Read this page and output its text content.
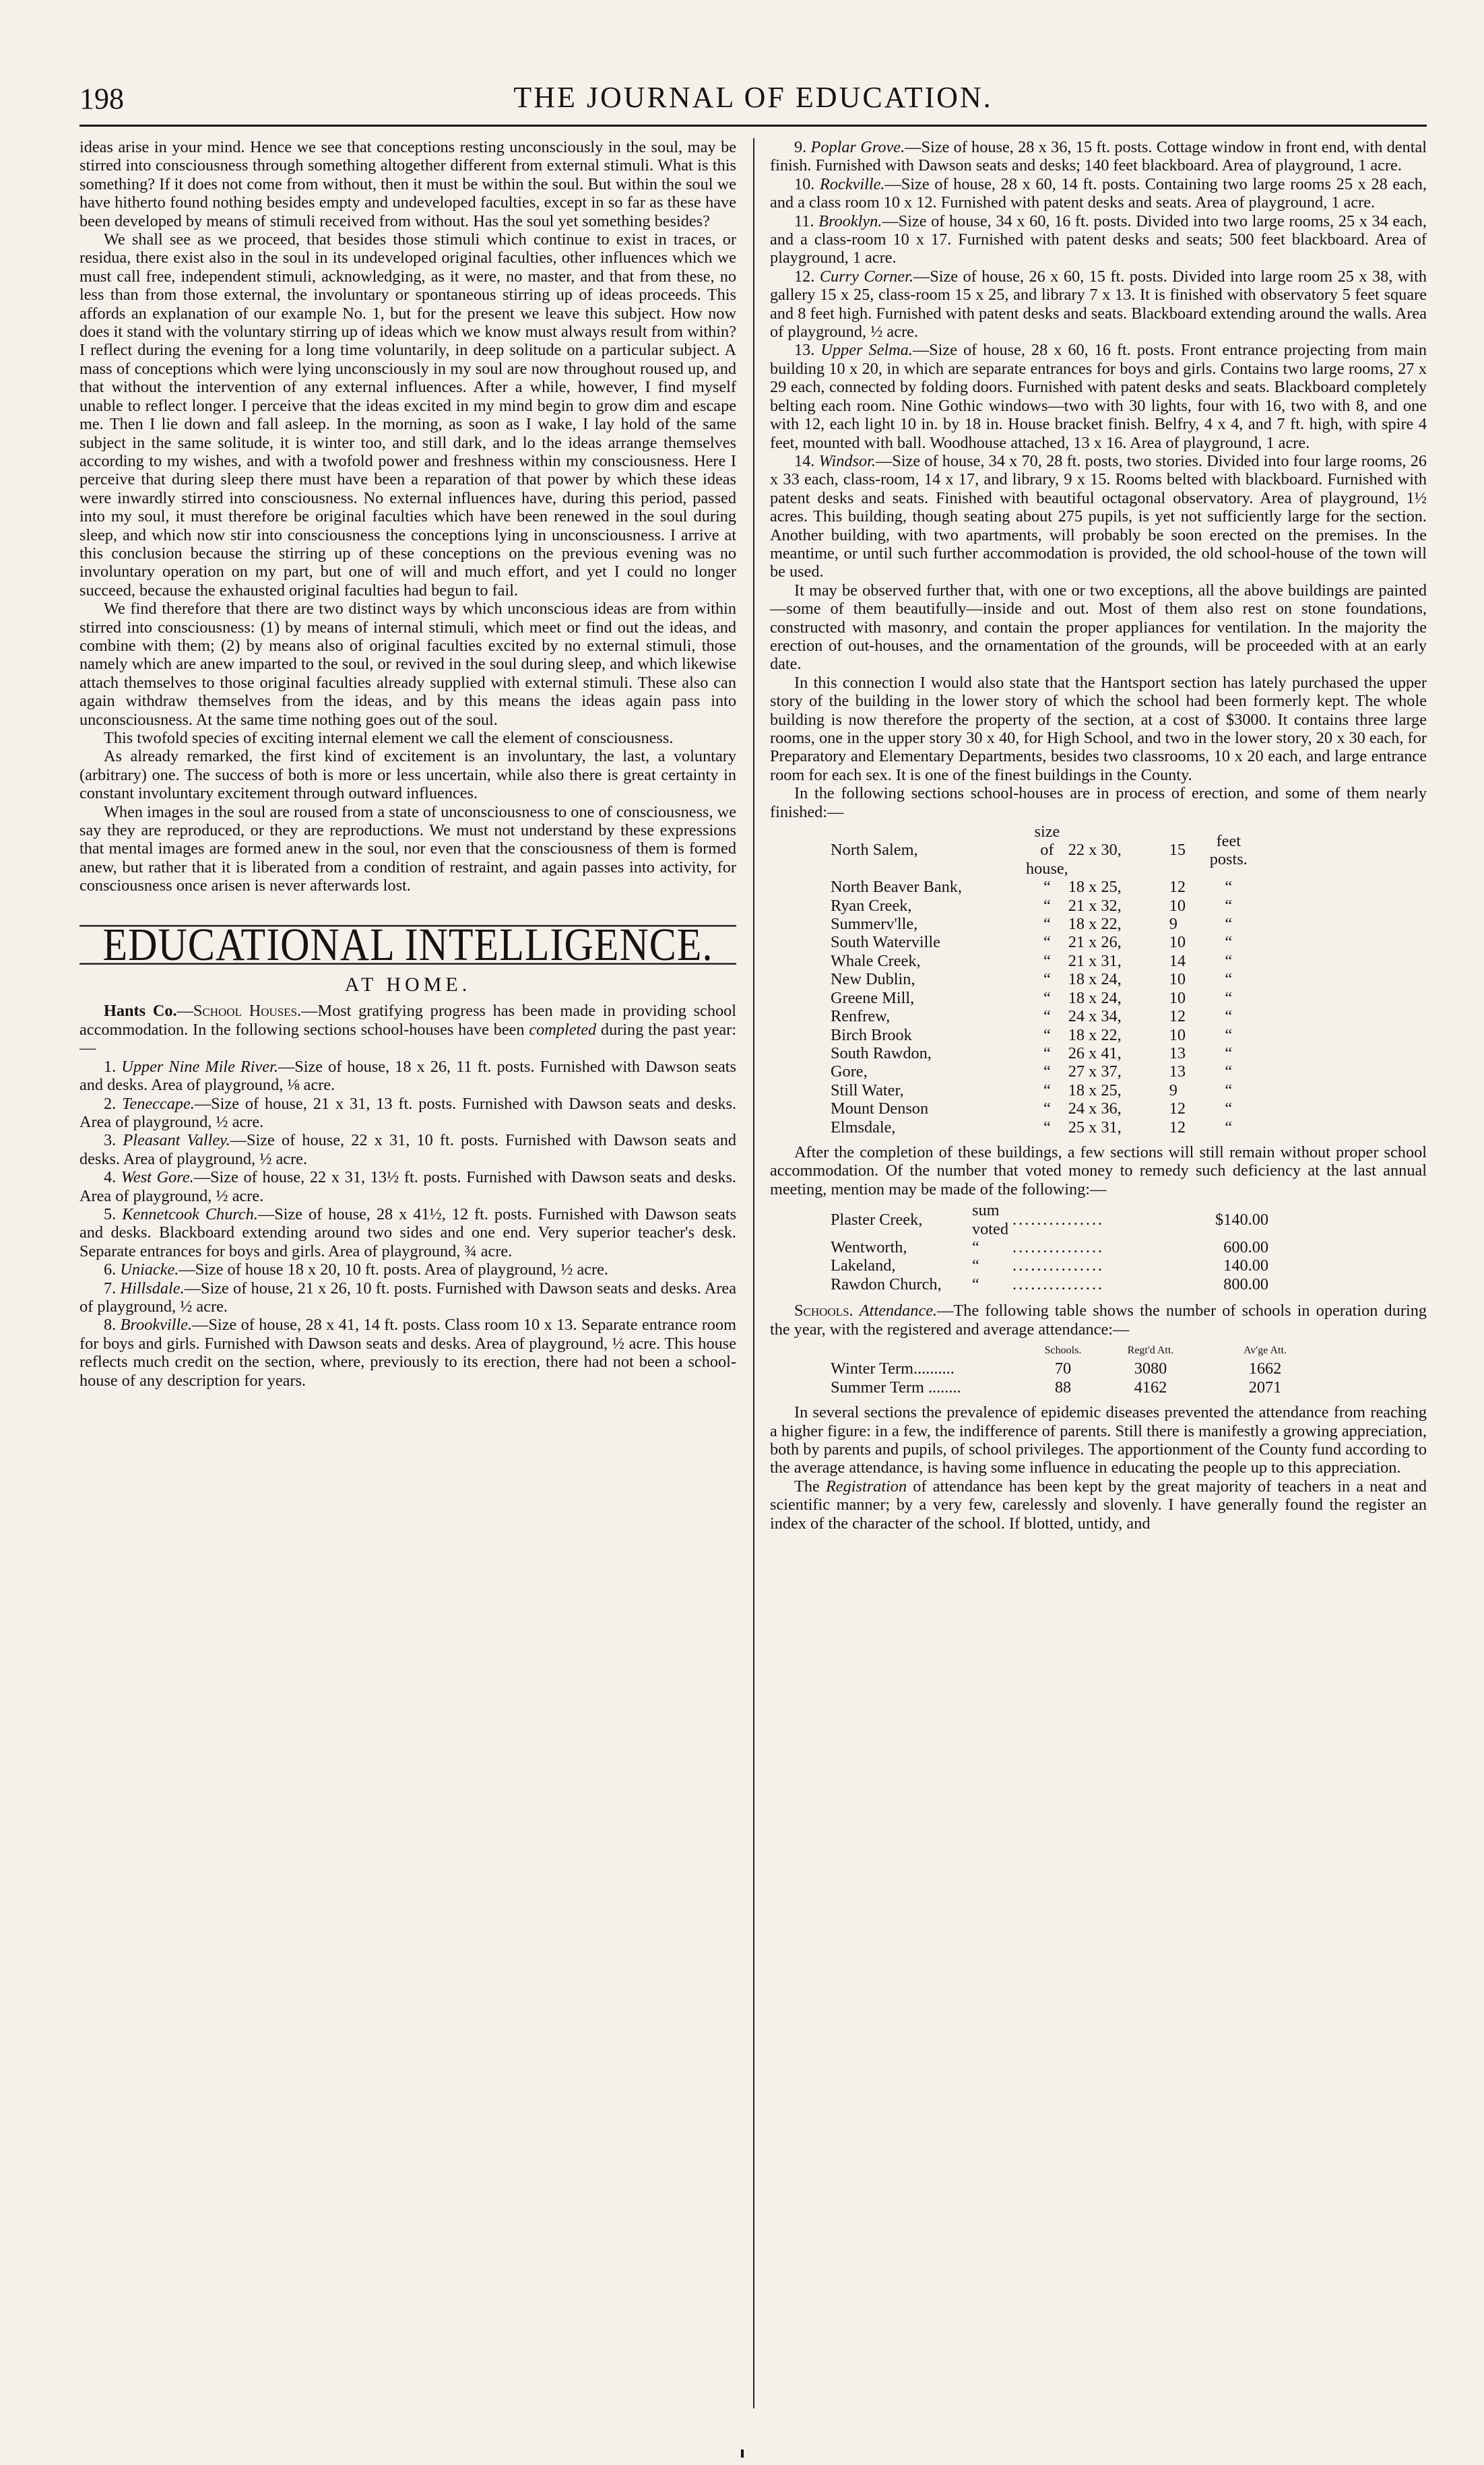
198	THE JOURNAL OF EDUCATION.

ideas arise in your mind. Hence we see that conceptions resting unconsciously in the soul, may be stirred into consciousness through something altogether different from external stimuli. What is this something? If it does not come from without, then it must be within the soul. But within the soul we have hitherto found nothing besides empty and undeveloped faculties, except in so far as these have been developed by means of stimuli received from without. Has the soul yet something besides?

We shall see as we proceed, that besides those stimuli which continue to exist in traces, or residua, there exist also in the soul in its undeveloped original faculties, other influences which we must call free, independent stimuli, acknowledging, as it were, no master, and that from these, no less than from those external, the involuntary or spontaneous stirring up of ideas proceeds. This affords an explanation of our example No. 1, but for the present we leave this subject. How now does it stand with the voluntary stirring up of ideas which we know must always result from within? I reflect during the evening for a long time voluntarily, in deep solitude on a particular subject. A mass of conceptions which were lying unconsciously in my soul are now throughout roused up, and that without the intervention of any external influences. After a while, however, I find myself unable to reflect longer. I perceive that the ideas excited in my mind begin to grow dim and escape me. Then I lie down and fall asleep. In the morning, as soon as I wake, I lay hold of the same subject in the same solitude, it is winter too, and still dark, and lo the ideas arrange themselves according to my wishes, and with a twofold power and freshness within my consciousness. Here I perceive that during sleep there must have been a reparation of that power by which these ideas were inwardly stirred into consciousness. No external influences have, during this period, passed into my soul, it must therefore be original faculties which have been renewed in the soul during sleep, and which now stir into consciousness the conceptions lying in unconsciousness. I arrive at this conclusion because the stirring up of these conceptions on the previous evening was no involuntary operation on my part, but one of will and much effort, and yet I could no longer succeed, because the exhausted original faculties had begun to fail.

We find therefore that there are two distinct ways by which unconscious ideas are from within stirred into consciousness: (1) by means of internal stimuli, which meet or find out the ideas, and combine with them; (2) by means also of original faculties excited by no external stimuli, those namely which are anew imparted to the soul, or revived in the soul during sleep, and which likewise attach themselves to those original faculties already supplied with external stimuli. These also can again withdraw themselves from the ideas, and by this means the ideas again pass into unconsciousness. At the same time nothing goes out of the soul.

This twofold species of exciting internal element we call the element of consciousness.

As already remarked, the first kind of excitement is an involuntary, the last, a voluntary (arbitrary) one. The success of both is more or less uncertain, while also there is great certainty in constant involuntary excitement through outward influences.

When images in the soul are roused from a state of unconsciousness to one of consciousness, we say they are reproduced, or they are reproductions. We must not understand by these expressions that mental images are formed anew in the soul, nor even that the consciousness of them is formed anew, but rather that it is liberated from a condition of restraint, and again passes into activity, for consciousness once arisen is never afterwards lost.

EDUCATIONAL INTELLIGENCE.
AT HOME.

Hants Co.—School Houses.—Most gratifying progress has been made in providing school accommodation. In the following sections school-houses have been completed during the past year:—

1. Upper Nine Mile River.—Size of house, 18 x 26, 11 ft. posts. Furnished with Dawson seats and desks. Area of playground, ⅛ acre.

2. Teneccape.—Size of house, 21 x 31, 13 ft. posts. Furnished with Dawson seats and desks. Area of playground, ½ acre.

3. Pleasant Valley.—Size of house, 22 x 31, 10 ft. posts. Furnished with Dawson seats and desks. Area of playground, ½ acre.

4. West Gore.—Size of house, 22 x 31, 13½ ft. posts. Furnished with Dawson seats and desks. Area of playground, ½ acre.

5. Kennetcook Church.—Size of house, 28 x 41½, 12 ft. posts. Furnished with Dawson seats and desks. Blackboard extending around two sides and one end. Very superior teacher's desk. Separate entrances for boys and girls. Area of playground, ¾ acre.

6. Uniacke.—Size of house 18 x 20, 10 ft. posts. Area of playground, ½ acre.

7. Hillsdale.—Size of house, 21 x 26, 10 ft. posts. Furnished with Dawson seats and desks. Area of playground, ½ acre.

8. Brookville.—Size of house, 28 x 41, 14 ft. posts. Class room 10 x 13. Separate entrance room for boys and girls. Furnished with Dawson seats and desks. Area of playground, ½ acre. This house reflects much credit on the section, where, previously to its erection, there had not been a school-house of any description for years.

9. Poplar Grove.—Size of house, 28 x 36, 15 ft. posts. Cottage window in front end, with dental finish. Furnished with Dawson seats and desks; 140 feet blackboard. Area of playground, 1 acre.

10. Rockville.—Size of house, 28 x 60, 14 ft. posts. Containing two large rooms 25 x 28 each, and a class room 10 x 12. Furnished with patent desks and seats. Area of playground, 1 acre.

11. Brooklyn.—Size of house, 34 x 60, 16 ft. posts. Divided into two large rooms, 25 x 34 each, and a class-room 10 x 17. Furnished with patent desks and seats; 500 feet blackboard. Area of playground, 1 acre.

12. Curry Corner.—Size of house, 26 x 60, 15 ft. posts. Divided into large room 25 x 38, with gallery 15 x 25, class-room 15 x 25, and library 7 x 13. It is finished with observatory 5 feet square and 8 feet high. Furnished with patent desks and seats. Blackboard extending around the walls. Area of playground, ½ acre.

13. Upper Selma.—Size of house, 28 x 60, 16 ft. posts. Front entrance projecting from main building 10 x 20, in which are separate entrances for boys and girls. Contains two large rooms, 27 x 29 each, connected by folding doors. Furnished with patent desks and seats. Blackboard completely belting each room. Nine Gothic windows—two with 30 lights, four with 16, two with 8, and one with 12, each light 10 in. by 18 in. House bracket finish. Belfry, 4 x 4, and 7 ft. high, with spire 4 feet, mounted with ball. Woodhouse attached, 13 x 16. Area of playground, 1 acre.

14. Windsor.—Size of house, 34 x 70, 28 ft. posts, two stories. Divided into four large rooms, 26 x 33 each, class-room, 14 x 17, and library, 9 x 15. Rooms belted with blackboard. Furnished with patent desks and seats. Finished with beautiful octagonal observatory. Area of playground, 1½ acres. This building, though seating about 275 pupils, is yet not sufficiently large for the section. Another building, with two apartments, will probably be soon erected on the premises. In the meantime, or until such further accommodation is provided, the old school-house of the town will be used.

It may be observed further that, with one or two exceptions, all the above buildings are painted—some of them beautifully—inside and out. Most of them also rest on stone foundations, constructed with masonry, and contain the proper appliances for ventilation. In the majority the erection of out-houses, and the ornamentation of the grounds, will be proceeded with at an early date.

In this connection I would also state that the Hantsport section has lately purchased the upper story of the building in the lower story of which the school had been formerly kept. The whole building is now therefore the property of the section, at a cost of $3000. It contains three large rooms, one in the upper story 30 x 40, for High School, and two in the lower story, 20 x 30 each, for Preparatory and Elementary Departments, besides two classrooms, 10 x 20 each, and large entrance room for each sex. It is one of the finest buildings in the County.

In the following sections school-houses are in process of erection, and some of them nearly finished:—

North Salem,	size of house,	22 x 30,	15	feet posts.
North Beaver Bank,	“	18 x 25,	12	“
Ryan Creek,	“	21 x 32,	10	“
Summerv'lle,	“	18 x 22,	9	“
South Waterville	“	21 x 26,	10	“
Whale Creek,	“	21 x 31,	14	“
New Dublin,	“	18 x 24,	10	“
Greene Mill,	“	18 x 24,	10	“
Renfrew,	“	24 x 34,	12	“
Birch Brook	“	18 x 22,	10	“
South Rawdon,	“	26 x 41,	13	“
Gore,	“	27 x 37,	13	“
Still Water,	“	18 x 25,	9	“
Mount Denson	“	24 x 36,	12	“
Elmsdale,	“	25 x 31,	12	“

After the completion of these buildings, a few sections will still remain without proper school accommodation. Of the number that voted money to remedy such deficiency at the last annual meeting, mention may be made of the following:—

Plaster Creek,	sum voted	...............	$140.00
Wentworth,	“	...............	600.00
Lakeland,	“	...............	140.00
Rawdon Church,	“	...............	800.00

Schools. Attendance.—The following table shows the number of schools in operation during the year, with the registered and average attendance:—

	Schools.	Regt'd Att.	Av'ge Att.
Winter Term..........	70	3080	1662
Summer Term ........	88	4162	2071

In several sections the prevalence of epidemic diseases prevented the attendance from reaching a higher figure: in a few, the indifference of parents. Still there is manifestly a growing appreciation, both by parents and pupils, of school privileges. The apportionment of the County fund according to the average attendance, is having some influence in educating the people up to this appreciation.

The Registration of attendance has been kept by the great majority of teachers in a neat and scientific manner; by a very few, carelessly and slovenly. I have generally found the register an index of the character of the school. If blotted, untidy, and
